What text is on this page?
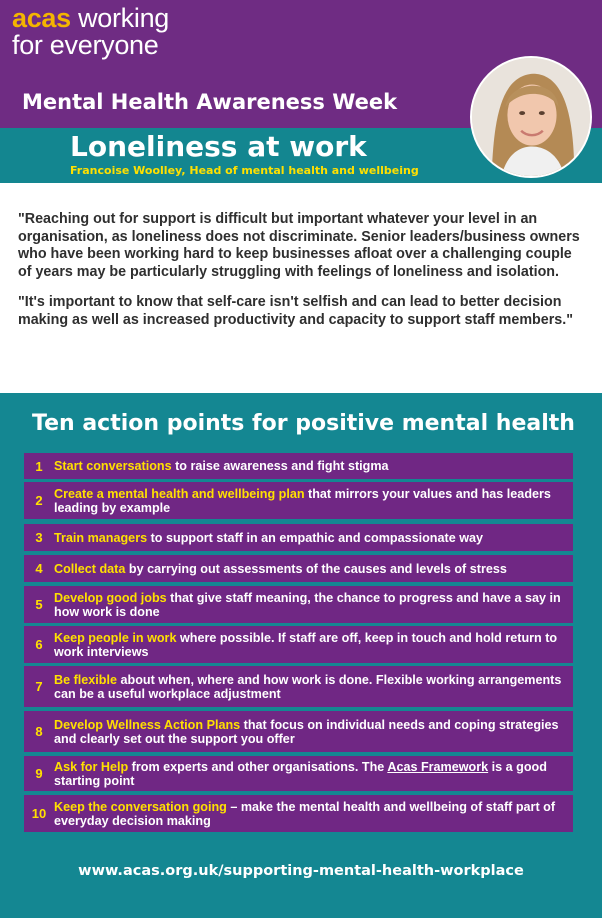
acas working
for everyone
Mental Health Awareness Week
Loneliness at work
Francoise Woolley, Head of mental health and wellbeing

"Reaching out for support is difficult but important whatever your level in an organisation, as loneliness does not discriminate. Senior leaders/business owners who have been working hard to keep businesses afloat over a challenging couple of years may be particularly struggling with feelings of loneliness and isolation.

"It's important to know that self-care isn't selfish and can lead to better decision making as well as increased productivity and capacity to support staff members."

Ten action points for positive mental health
1 Start conversations to raise awareness and fight stigma
2 Create a mental health and wellbeing plan that mirrors your values and has leaders leading by example
3 Train managers to support staff in an empathic and compassionate way
4 Collect data by carrying out assessments of the causes and levels of stress
5 Develop good jobs that give staff meaning, the chance to progress and have a say in how work is done
6 Keep people in work where possible. If staff are off, keep in touch and hold return to work interviews
7 Be flexible about when, where and how work is done. Flexible working arrangements can be a useful workplace adjustment
8 Develop Wellness Action Plans that focus on individual needs and coping strategies and clearly set out the support you offer
9 Ask for Help from experts and other organisations. The Acas Framework is a good starting point
10 Keep the conversation going – make the mental health and wellbeing of staff part of everyday decision making
www.acas.org.uk/supporting-mental-health-workplace
